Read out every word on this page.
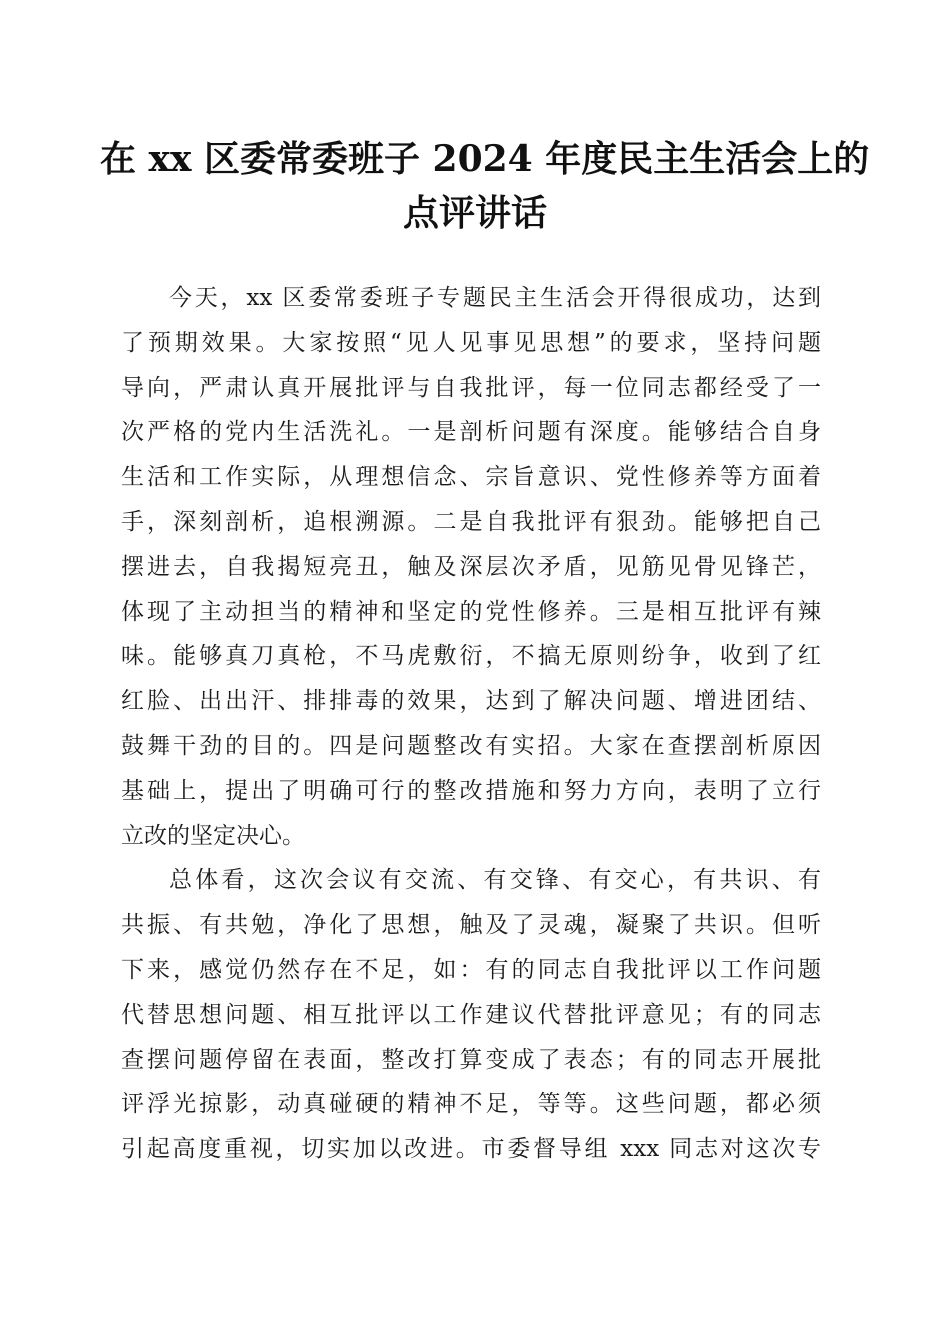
在 xx 区委常委班子 2024 年度民主生活会上的
点评讲话
今天，xx 区委常委班子专题民主生活会开得很成功，达到
了预期效果。大家按照“见人见事见思想”的要求，坚持问题
导向，严肃认真开展批评与自我批评，每一位同志都经受了一
次严格的党内生活洗礼。一是剖析问题有深度。能够结合自身
生活和工作实际，从理想信念、宗旨意识、党性修养等方面着
手，深刻剖析，追根溯源。二是自我批评有狠劲。能够把自己
摆进去，自我揭短亮丑，触及深层次矛盾，见筋见骨见锋芒，
体现了主动担当的精神和坚定的党性修养。三是相互批评有辣
味。能够真刀真枪，不马虎敷衍，不搞无原则纷争，收到了红
红脸、出出汗、排排毒的效果，达到了解决问题、增进团结、
鼓舞干劲的目的。四是问题整改有实招。大家在查摆剖析原因
基础上，提出了明确可行的整改措施和努力方向，表明了立行
立改的坚定决心。
总体看，这次会议有交流、有交锋、有交心，有共识、有
共振、有共勉，净化了思想，触及了灵魂，凝聚了共识。但听
下来，感觉仍然存在不足，如：有的同志自我批评以工作问题
代替思想问题、相互批评以工作建议代替批评意见；有的同志
查摆问题停留在表面，整改打算变成了表态；有的同志开展批
评浮光掠影，动真碰硬的精神不足，等等。这些问题，都必须
引起高度重视，切实加以改进。市委督导组 xxx 同志对这次专
